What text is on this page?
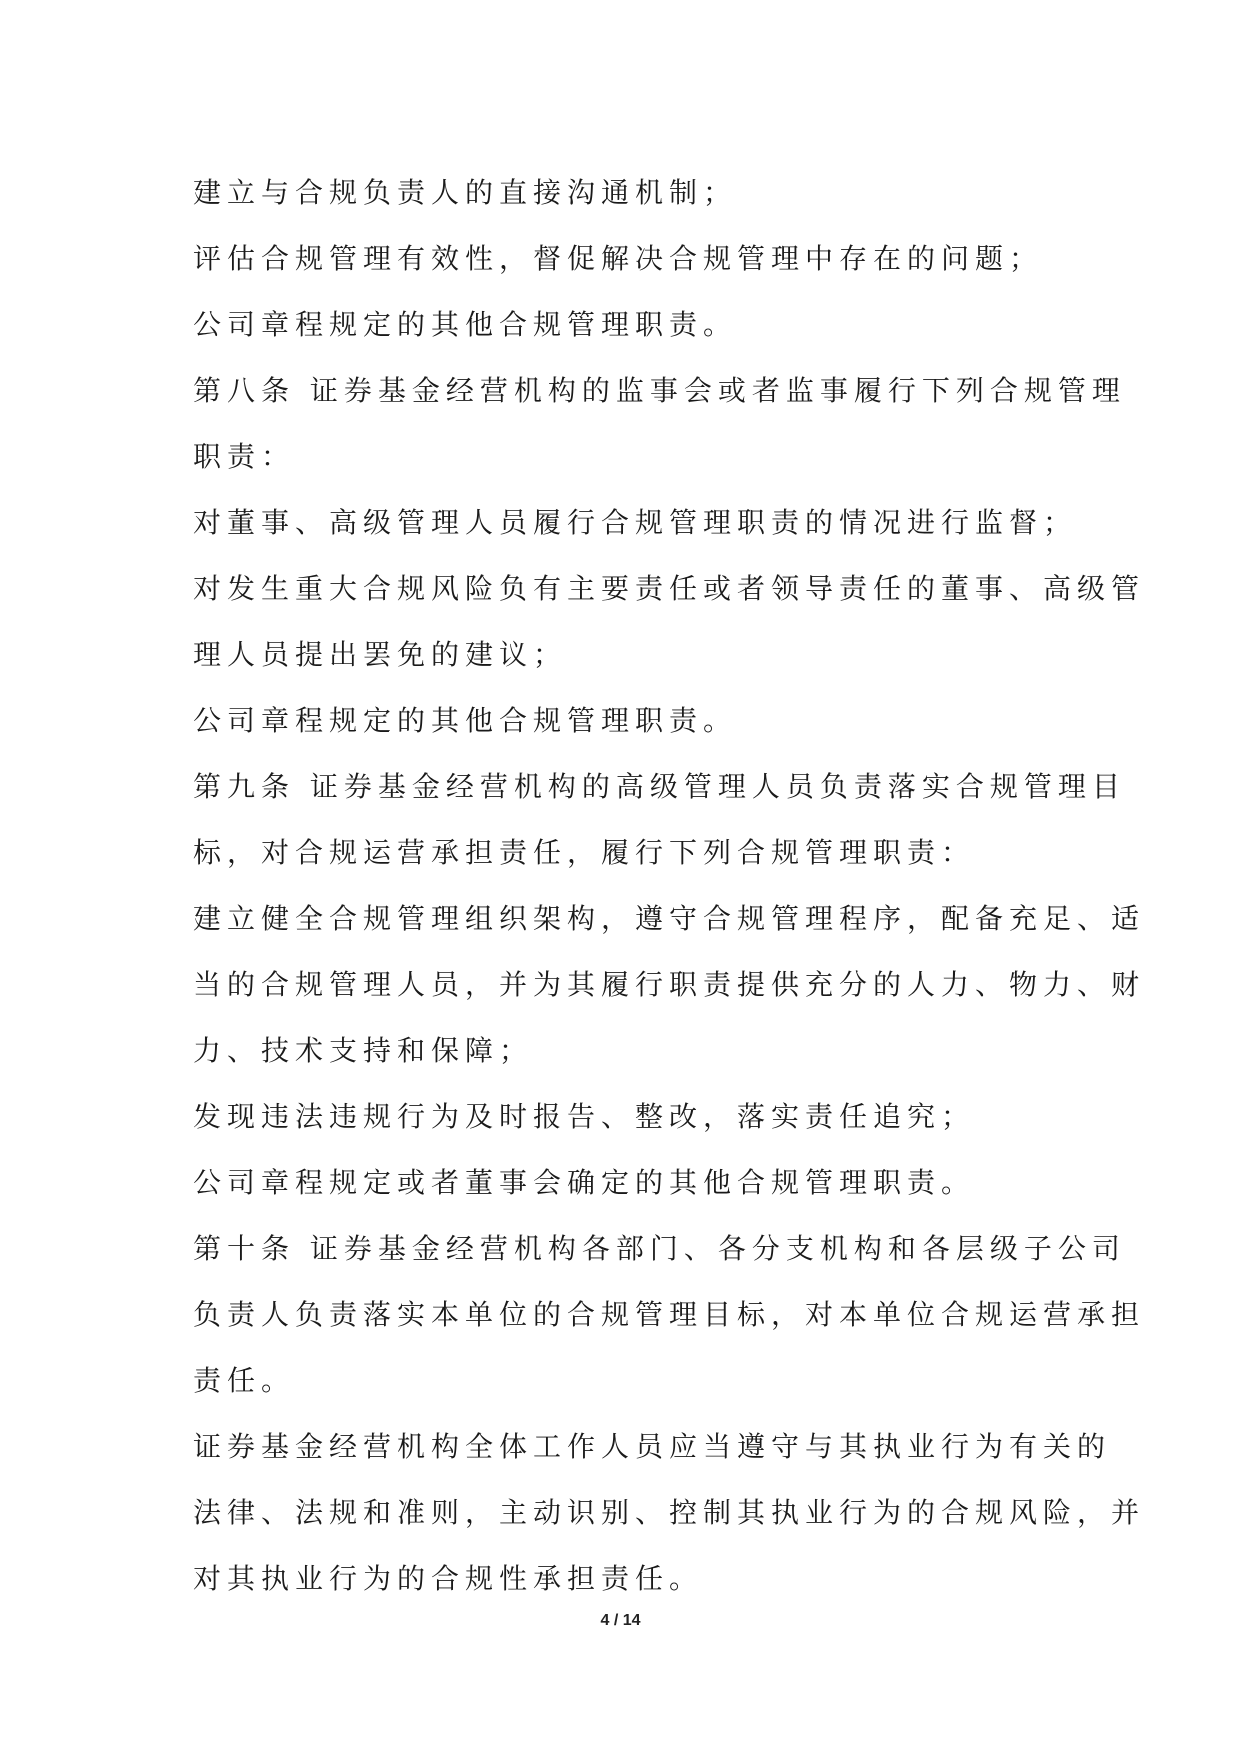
建立与合规负责人的直接沟通机制；
评估合规管理有效性，督促解决合规管理中存在的问题；
公司章程规定的其他合规管理职责。
第八条 证券基金经营机构的监事会或者监事履行下列合规管理
职责：
对董事、高级管理人员履行合规管理职责的情况进行监督；
对发生重大合规风险负有主要责任或者领导责任的董事、高级管
理人员提出罢免的建议；
公司章程规定的其他合规管理职责。
第九条 证券基金经营机构的高级管理人员负责落实合规管理目
标，对合规运营承担责任，履行下列合规管理职责：
建立健全合规管理组织架构，遵守合规管理程序，配备充足、适
当的合规管理人员，并为其履行职责提供充分的人力、物力、财
力、技术支持和保障；
发现违法违规行为及时报告、整改，落实责任追究；
公司章程规定或者董事会确定的其他合规管理职责。
第十条 证券基金经营机构各部门、各分支机构和各层级子公司
负责人负责落实本单位的合规管理目标，对本单位合规运营承担
责任。
证券基金经营机构全体工作人员应当遵守与其执业行为有关的
法律、法规和准则，主动识别、控制其执业行为的合规风险，并
对其执业行为的合规性承担责任。
4 / 14
